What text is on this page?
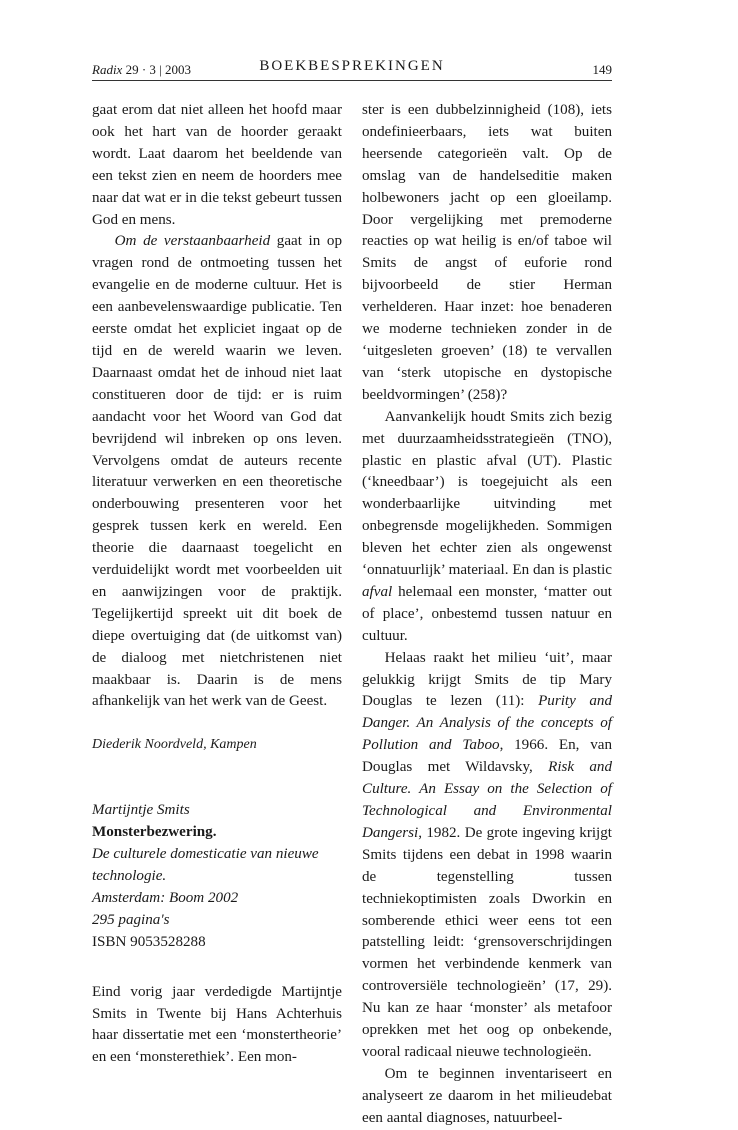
Radix 29 · 3 | 2003	BOEKBESPREKINGEN	149

gaat erom dat niet alleen het hoofd maar ook het hart van de hoorder geraakt wordt. Laat daarom het beeldende van een tekst zien en neem de hoorders mee naar dat wat er in die tekst gebeurt tussen God en mens.

Om de verstaanbaarheid gaat in op vragen rond de ontmoeting tussen het evangelie en de moderne cultuur. Het is een aanbevelenswaardige publicatie. Ten eerste omdat het expliciet ingaat op de tijd en de wereld waarin we leven. Daarnaast omdat het de inhoud niet laat constitueren door de tijd: er is ruim aandacht voor het Woord van God dat bevrijdend wil inbreken op ons leven. Vervolgens omdat de auteurs recente literatuur verwerken en een theoretische onderbouwing presenteren voor het gesprek tussen kerk en wereld. Een theorie die daarnaast toegelicht en verduidelijkt wordt met voorbeelden uit en aanwijzingen voor de praktijk. Tegelijkertijd spreekt uit dit boek de diepe overtuiging dat (de uitkomst van) de dialoog met nietchristenen niet maakbaar is. Daarin is de mens afhankelijk van het werk van de Geest.

Diederik Noordveld, Kampen

Martijntje Smits
Monsterbezwering.
De culturele domesticatie van nieuwe technologie.
Amsterdam: Boom 2002
295 pagina's
ISBN 9053528288

Eind vorig jaar verdedigde Martijntje Smits in Twente bij Hans Achterhuis haar dissertatie met een ‘monstertheorie’ en een ‘monsterethiek’. Een mon-

ster is een dubbelzinnigheid (108), iets ondefinieerbaars, iets wat buiten heersende categorieën valt. Op de omslag van de handelseditie maken holbewoners jacht op een gloeilamp. Door vergelijking met premoderne reacties op wat heilig is en/of taboe wil Smits de angst of euforie rond bijvoorbeeld de stier Herman verhelderen. Haar inzet: hoe benaderen we moderne technieken zonder in de ‘uitgesleten groeven’ (18) te vervallen van ‘sterk utopische en dystopische beeldvormingen’ (258)?

Aanvankelijk houdt Smits zich bezig met duurzaamheidsstrategieën (TNO), plastic en plastic afval (UT). Plastic (‘kneedbaar’) is toegejuicht als een wonderbaarlijke uitvinding met onbegrensde mogelijkheden. Sommigen bleven het echter zien als ongewenst ‘onnatuurlijk’ materiaal. En dan is plastic afval helemaal een monster, ‘matter out of place’, onbestemd tussen natuur en cultuur.

Helaas raakt het milieu ‘uit’, maar gelukkig krijgt Smits de tip Mary Douglas te lezen (11): Purity and Danger. An Analysis of the concepts of Pollution and Taboo, 1966. En, van Douglas met Wildavsky, Risk and Culture. An Essay on the Selection of Technological and Environmental Dangersi, 1982. De grote ingeving krijgt Smits tijdens een debat in 1998 waarin de tegenstelling tussen techniekoptimisten zoals Dworkin en somberende ethici weer eens tot een patstelling leidt: ‘grensoverschrijdingen vormen het verbindende kenmerk van controversiële technologieën’ (17, 29). Nu kan ze haar ‘monster’ als metafoor oprekken met het oog op onbekende, vooral radicaal nieuwe technologieën.

Om te beginnen inventariseert en analyseert ze daarom in het milieudebat een aantal diagnoses, natuurbeel-
